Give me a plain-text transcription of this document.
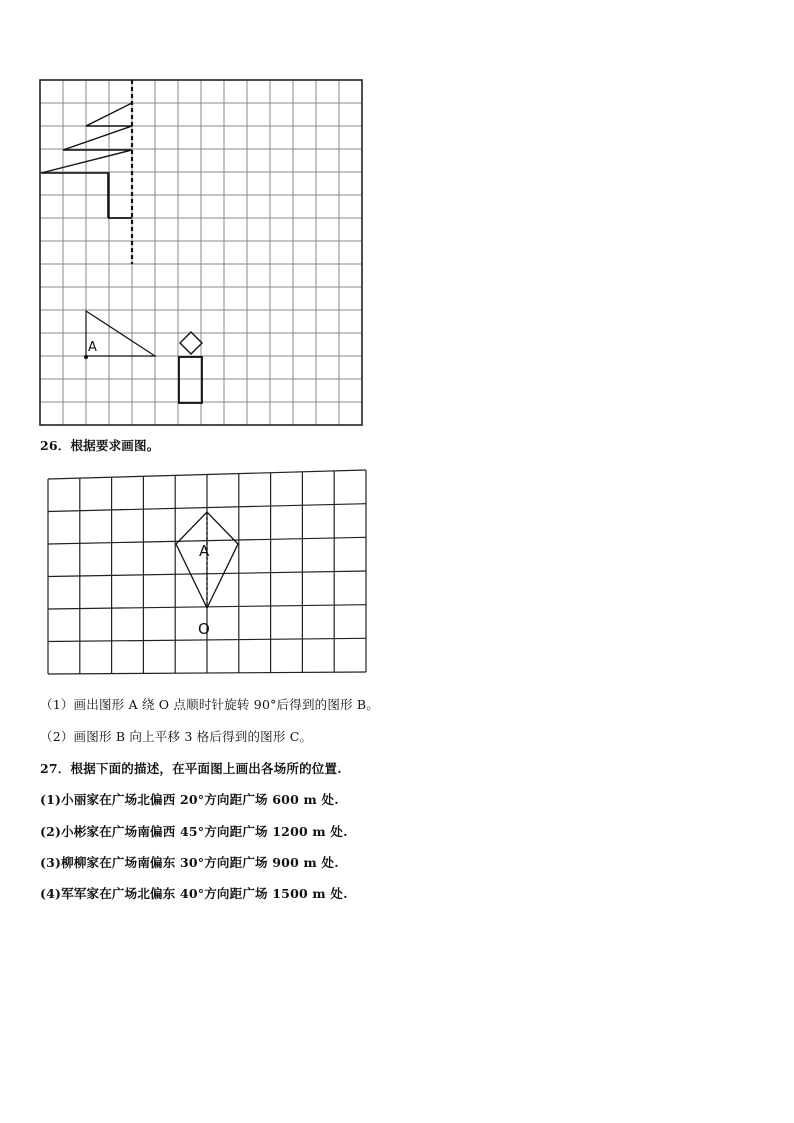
A
26．根据要求画图。
A
O
（1）画出图形 A 绕 O 点顺时针旋转 90°后得到的图形 B。
（2）画图形 B 向上平移 3 格后得到的图形 C。
27．根据下面的描述，在平面图上画出各场所的位置.
(1)小丽家在广场北偏西 20°方向距广场 600 m 处.
(2)小彬家在广场南偏西 45°方向距广场 1200 m 处.
(3)柳柳家在广场南偏东 30°方向距广场 900 m 处.
(4)军军家在广场北偏东 40°方向距广场 1500 m 处.
